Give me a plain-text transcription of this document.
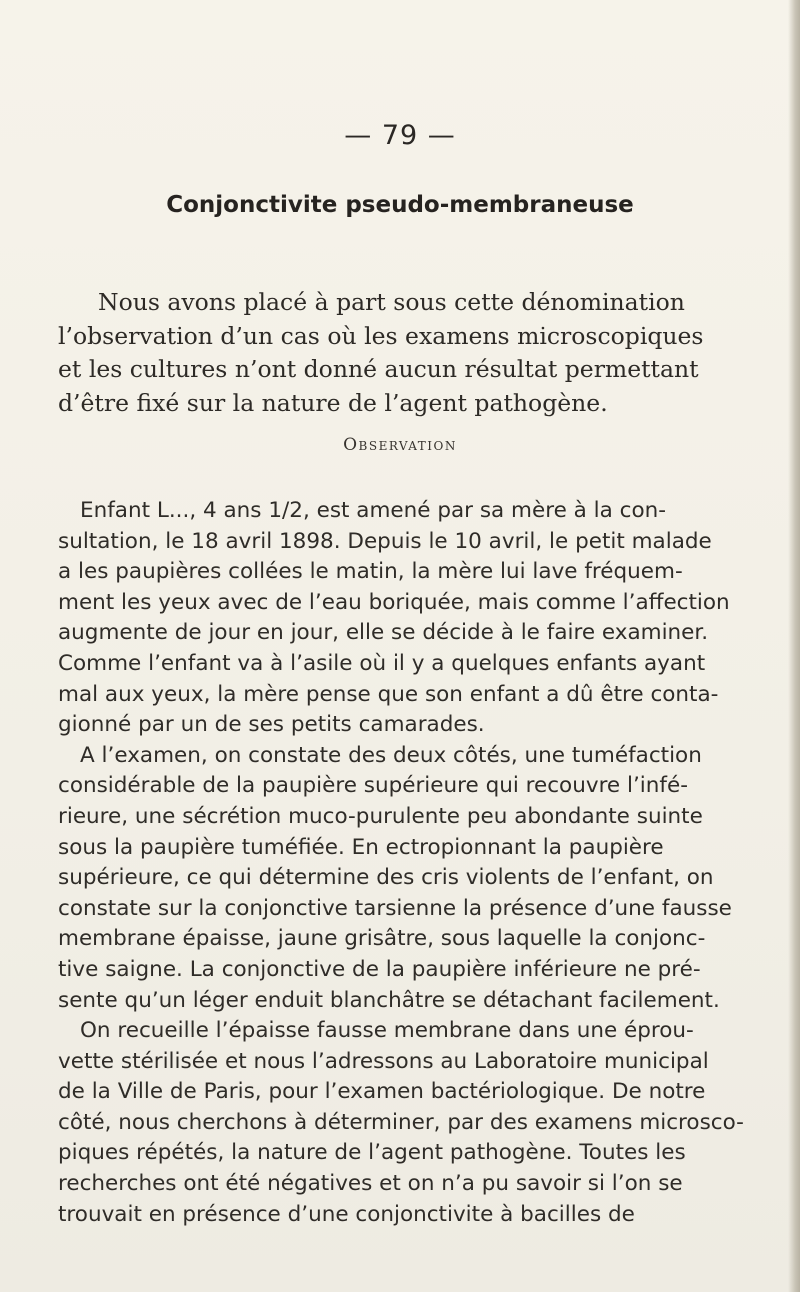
— 79 —
Conjonctivite pseudo-membraneuse

Nous avons placé à part sous cette dénomination
l’observation d’un cas où les examens microscopiques
et les cultures n’ont donné aucun résultat permettant
d’être fixé sur la nature de l’agent pathogène.

Observation

Enfant L..., 4 ans 1/2, est amené par sa mère à la con-
sultation, le 18 avril 1898. Depuis le 10 avril, le petit malade
a les paupières collées le matin, la mère lui lave fréquem-
ment les yeux avec de l’eau boriquée, mais comme l’affection
augmente de jour en jour, elle se décide à le faire examiner.
Comme l’enfant va à l’asile où il y a quelques enfants ayant
mal aux yeux, la mère pense que son enfant a dû être conta-
gionné par un de ses petits camarades.
A l’examen, on constate des deux côtés, une tuméfaction
considérable de la paupière supérieure qui recouvre l’infé-
rieure, une sécrétion muco-purulente peu abondante suinte
sous la paupière tuméfiée. En ectropionnant la paupière
supérieure, ce qui détermine des cris violents de l’enfant, on
constate sur la conjonctive tarsienne la présence d’une fausse
membrane épaisse, jaune grisâtre, sous laquelle la conjonc-
tive saigne. La conjonctive de la paupière inférieure ne pré-
sente qu’un léger enduit blanchâtre se détachant facilement.
On recueille l’épaisse fausse membrane dans une éprou-
vette stérilisée et nous l’adressons au Laboratoire municipal
de la Ville de Paris, pour l’examen bactériologique. De notre
côté, nous cherchons à déterminer, par des examens microsco-
piques répétés, la nature de l’agent pathogène. Toutes les
recherches ont été négatives et on n’a pu savoir si l’on se
trouvait en présence d’une conjonctivite à bacilles de
